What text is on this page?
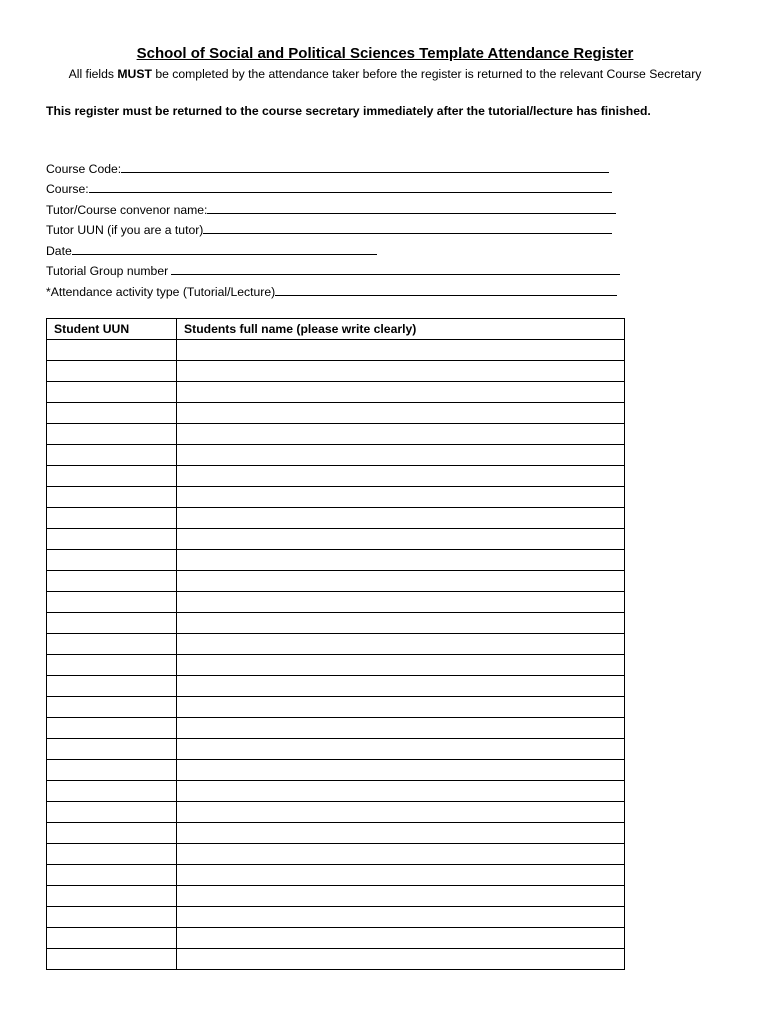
School of Social and Political Sciences Template Attendance Register
All fields MUST be completed by the attendance taker before the register is returned to the relevant Course Secretary
This register must be returned to the course secretary immediately after the tutorial/lecture has finished.
Course Code:
Course:
Tutor/Course convenor name:
Tutor UUN (if you are a tutor)
Date
Tutorial Group number
*Attendance activity type (Tutorial/Lecture)
Student UUN	Students full name (please write clearly)
